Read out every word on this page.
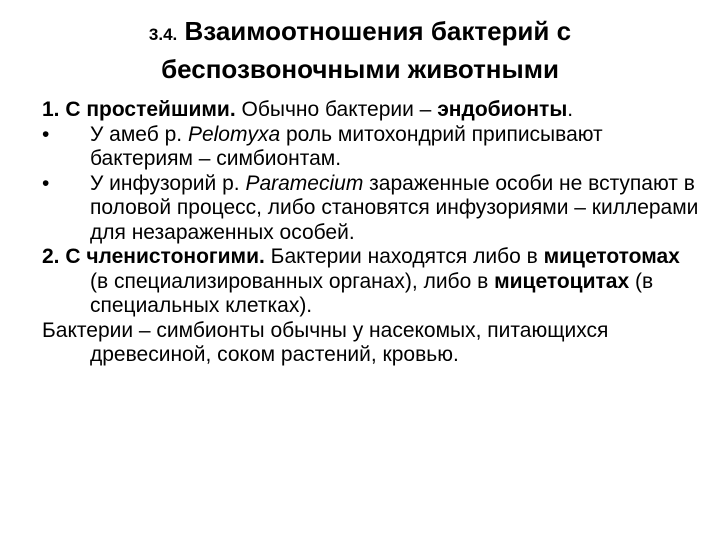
3.4. Взаимоотношения бактерий с
беспозвоночными животными

1. С простейшими. Обычно бактерии – эндобионты.

• У амеб р. Pelomyxa роль митохондрий приписывают бактериям – симбионтам.
• У инфузорий р. Paramecium зараженные особи не вступают в половой процесс, либо становятся инфузориями – киллерами для незараженных особей.

2. С членистоногими. Бактерии находятся либо в мицетотомах (в специализированных органах), либо в мицетоцитах (в специальных клетках).

Бактерии – симбионты обычны у насекомых, питающихся древесиной, соком растений, кровью.
